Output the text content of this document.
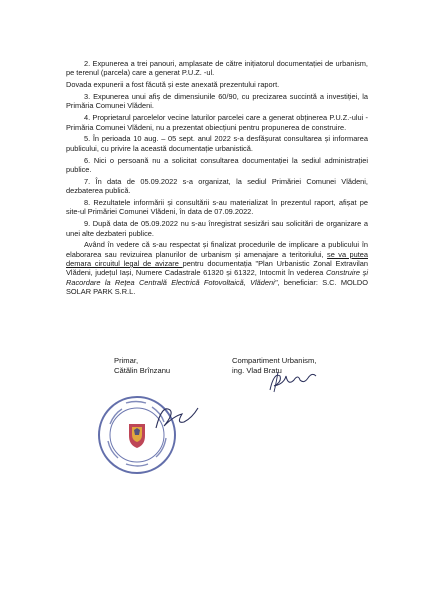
2. Expunerea a trei panouri, amplasate de către inițiatorul documentației de urbanism, pe terenul (parcela) care a generat P.U.Z. -ul.

Dovada expunerii a fost făcută și este anexată prezentului raport.

3. Expunerea unui afiș de dimensiunile 60/90, cu precizarea succintă a investiției, la Primăria Comunei Vlădeni.

4. Proprietarul parcelelor vecine laturilor parcelei care a generat obținerea P.U.Z.-ului - Primăria Comunei Vlădeni, nu a prezentat obiecțiuni pentru propunerea de construire.

5. În perioada 10 aug. – 05 sept. anul 2022 s-a desfășurat consultarea și informarea publicului, cu privire la această documentație urbanistică.

6. Nici o persoană nu a solicitat consultarea documentației la sediul administrației publice.

7. În data de 05.09.2022 s-a organizat, la sediul Primăriei Comunei Vlădeni, dezbaterea publică.

8. Rezultatele informării și consultării s-au materializat în prezentul raport, afișat pe site-ul Primăriei Comunei Vlădeni, în data de 07.09.2022.

9. După data de 05.09.2022 nu s-au înregistrat sesizări sau solicitări de organizare a unei alte dezbateri publice.

Având în vedere că s-au respectat și finalizat procedurile de implicare a publicului în elaborarea sau revizuirea planurilor de urbanism și amenajare a teritoriului, se va putea demara circuitul legal de avizare pentru documentația "Plan Urbanistic Zonal Extravilan Vlădeni, județul Iași, Numere Cadastrale 61320 și 61322, Intocmit în vederea Construire și Racordare la Rețea Centrală Electrică Fotovoltaică, Vlădeni", beneficiar: S.C. MOLDO SOLAR PARK S.R.L.

Primar,
Cătălin Brînzanu
Compartiment Urbanism,
ing. Vlad Bratu
